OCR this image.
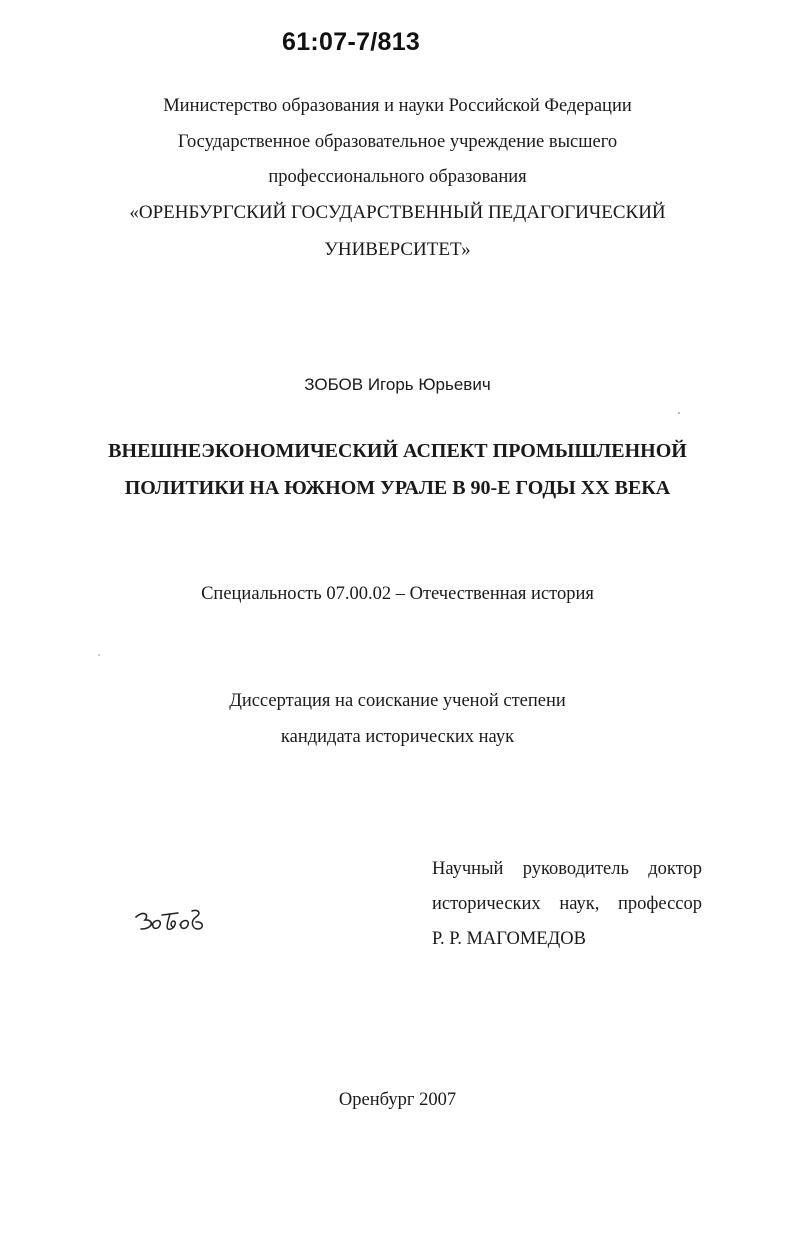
61:07-7/813
Министерство образования и науки Российской Федерации
Государственное образовательное учреждение высшего
профессионального образования
«ОРЕНБУРГСКИЙ ГОСУДАРСТВЕННЫЙ ПЕДАГОГИЧЕСКИЙ
УНИВЕРСИТЕТ»
ЗОБОВ Игорь Юрьевич
ВНЕШНЕЭКОНОМИЧЕСКИЙ АСПЕКТ ПРОМЫШЛЕННОЙ
ПОЛИТИКИ НА ЮЖНОМ УРАЛЕ В 90-Е ГОДЫ XX ВЕКА
Специальность 07.00.02 – Отечественная история
Диссертация на соискание ученой степени
кандидата исторических наук
Научный руководитель доктор
исторических наук, профессор
Р. Р. МАГОМЕДОВ
Оренбург 2007
